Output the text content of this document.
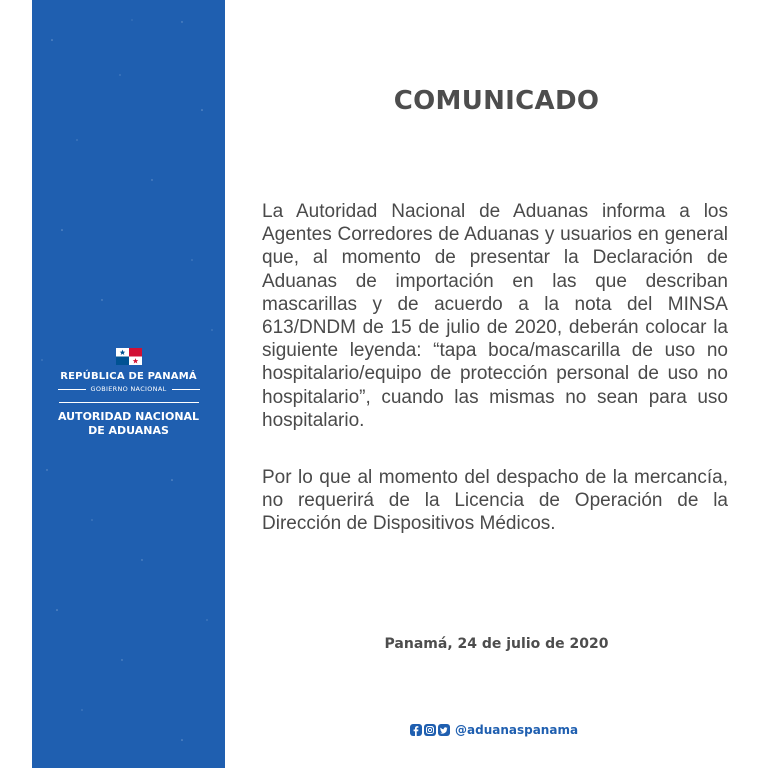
REPÚBLICA DE PANAMÁ
GOBIERNO NACIONAL
AUTORIDAD NACIONAL
DE ADUANAS
COMUNICADO

La Autoridad Nacional de Aduanas informa a los Agentes Corredores de Aduanas y usuarios en general que, al momento de presentar la Declaración de Aduanas de importación en las que describan mascarillas y de acuerdo a la nota del MINSA 613/DNDM de 15 de julio de 2020, deberán colocar la siguiente leyenda: “tapa boca/mascarilla de uso no hospitalario/equipo de protección personal de uso no hospitalario”, cuando las mismas no sean para uso hospitalario.

Por lo que al momento del despacho de la mercancía, no requerirá de la Licencia de Operación de la Dirección de Dispositivos Médicos.

Panamá, 24 de julio de 2020
@aduanaspanama
